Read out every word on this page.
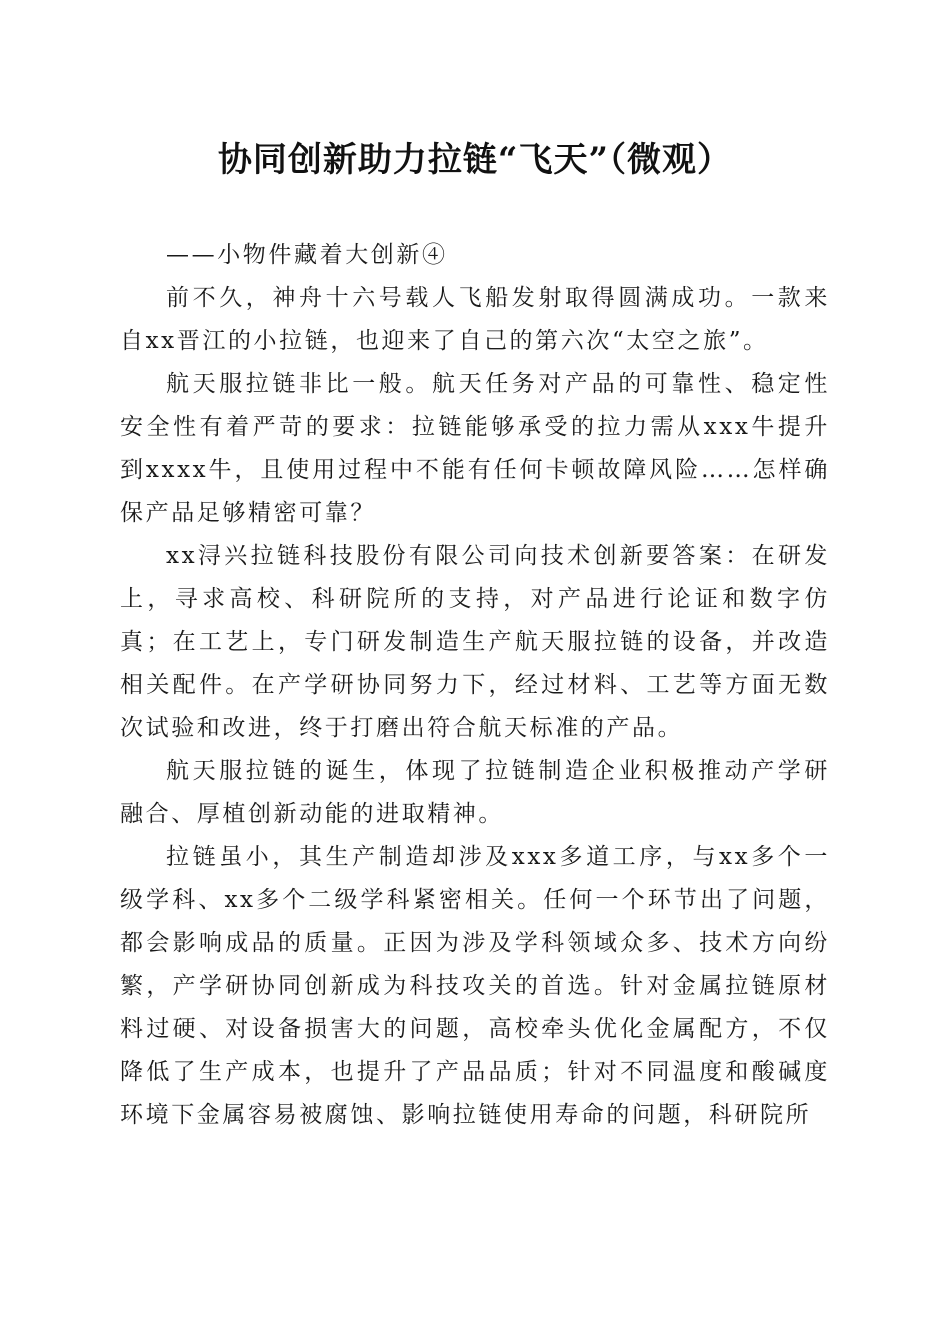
协同创新助力拉链“飞天”（微观）

——小物件藏着大创新④

前不久，神舟十六号载人飞船发射取得圆满成功。一款来自xx晋江的小拉链，也迎来了自己的第六次“太空之旅”。

航天服拉链非比一般。航天任务对产品的可靠性、稳定性安全性有着严苛的要求：拉链能够承受的拉力需从xxx牛提升到xxxx牛，且使用过程中不能有任何卡顿故障风险……怎样确保产品足够精密可靠？

xx浔兴拉链科技股份有限公司向技术创新要答案：在研发上，寻求高校、科研院所的支持，对产品进行论证和数字仿真；在工艺上，专门研发制造生产航天服拉链的设备，并改造相关配件。在产学研协同努力下，经过材料、工艺等方面无数次试验和改进，终于打磨出符合航天标准的产品。

航天服拉链的诞生，体现了拉链制造企业积极推动产学研融合、厚植创新动能的进取精神。

拉链虽小，其生产制造却涉及xxx多道工序，与xx多个一级学科、xx多个二级学科紧密相关。任何一个环节出了问题，都会影响成品的质量。正因为涉及学科领域众多、技术方向纷繁，产学研协同创新成为科技攻关的首选。针对金属拉链原材料过硬、对设备损害大的问题，高校牵头优化金属配方，不仅降低了生产成本，也提升了产品品质；针对不同温度和酸碱度环境下金属容易被腐蚀、影响拉链使用寿命的问题，科研院所
